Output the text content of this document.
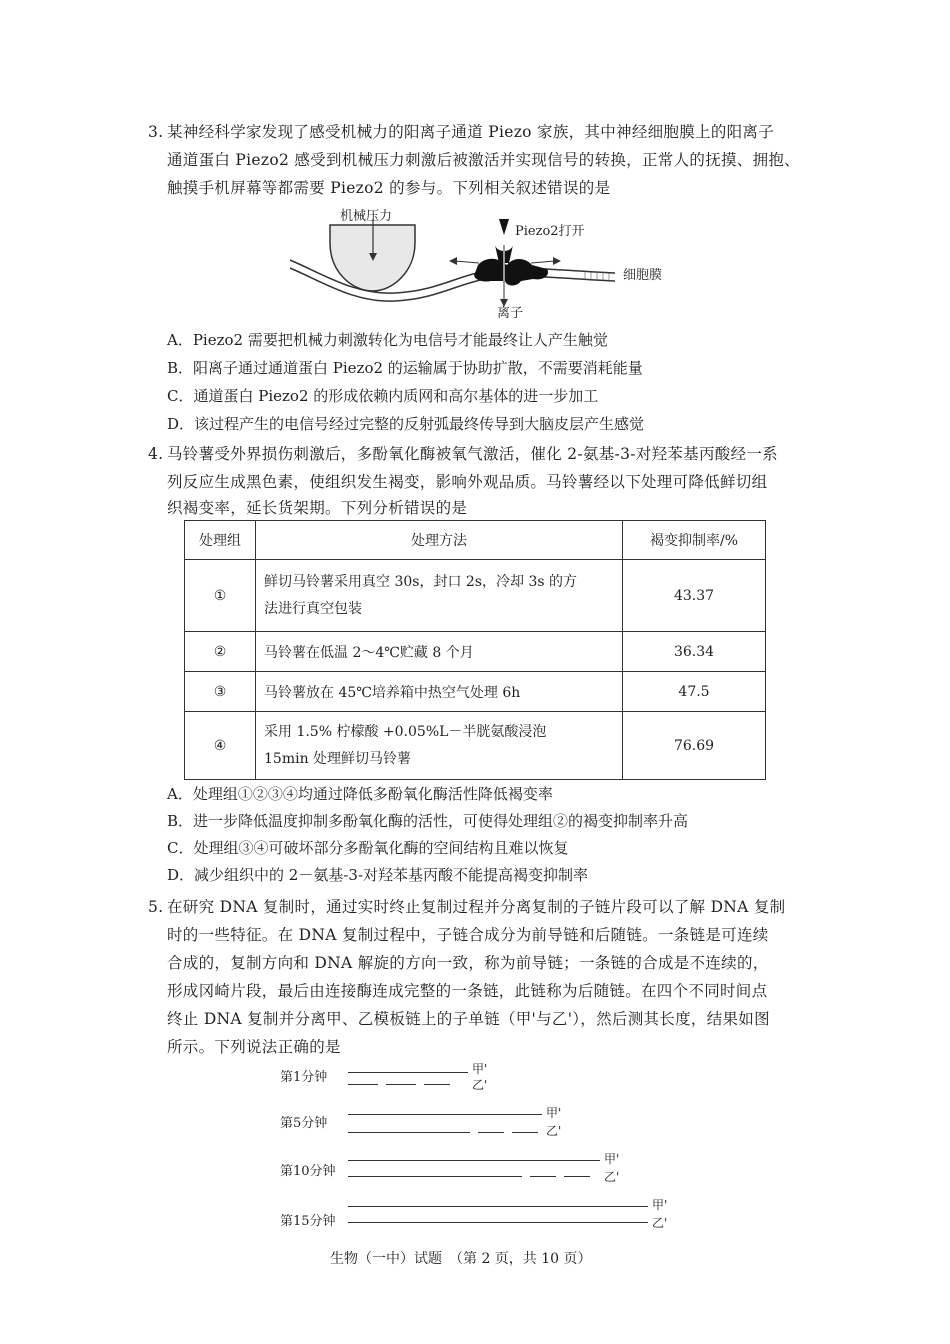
3. 某神经科学家发现了感受机械力的阳离子通道 Piezo 家族，其中神经细胞膜上的阳离子
通道蛋白 Piezo2 感受到机械压力刺激后被激活并实现信号的转换，正常人的抚摸、拥抱、
触摸手机屏幕等都需要 Piezo2 的参与。下列相关叙述错误的是
机械压力
Piezo2打开
细胞膜
离子
A．Piezo2 需要把机械力刺激转化为电信号才能最终让人产生触觉
B．阳离子通过通道蛋白 Piezo2 的运输属于协助扩散，不需要消耗能量
C．通道蛋白 Piezo2 的形成依赖内质网和高尔基体的进一步加工
D．该过程产生的电信号经过完整的反射弧最终传导到大脑皮层产生感觉
4. 马铃薯受外界损伤刺激后，多酚氧化酶被氧气激活，催化 2-氨基-3-对羟苯基丙酸经一系
列反应生成黑色素，使组织发生褐变，影响外观品质。马铃薯经以下处理可降低鲜切组
织褐变率，延长货架期。下列分析错误的是
处理组	处理方法	褐变抑制率/%
①	鲜切马铃薯采用真空 30s，封口 2s，冷却 3s 的方
法进行真空包装	43.37
②	马铃薯在低温 2～4℃贮藏 8 个月	36.34
③	马铃薯放在 45℃培养箱中热空气处理 6h	47.5
④	采用 1.5% 柠檬酸 +0.05%L－半胱氨酸浸泡
15min 处理鲜切马铃薯	76.69
A．处理组①②③④均通过降低多酚氧化酶活性降低褐变率
B．进一步降低温度抑制多酚氧化酶的活性，可使得处理组②的褐变抑制率升高
C．处理组③④可破坏部分多酚氧化酶的空间结构且难以恢复
D．减少组织中的 2－氨基-3-对羟苯基丙酸不能提高褐变抑制率
5. 在研究 DNA 复制时，通过实时终止复制过程并分离复制的子链片段可以了解 DNA 复制
时的一些特征。在 DNA 复制过程中，子链合成分为前导链和后随链。一条链是可连续
合成的，复制方向和 DNA 解旋的方向一致，称为前导链；一条链的合成是不连续的，
形成冈崎片段，最后由连接酶连成完整的一条链，此链称为后随链。在四个不同时间点
终止 DNA 复制并分离甲、乙模板链上的子单链（甲'与乙'），然后测其长度，结果如图
所示。下列说法正确的是
第1分钟
甲'
乙'
第5分钟
甲'
乙'
第10分钟
甲'
乙'
第15分钟
甲'
乙'
生物（一中）试题　（第 2 页，共 10 页）
